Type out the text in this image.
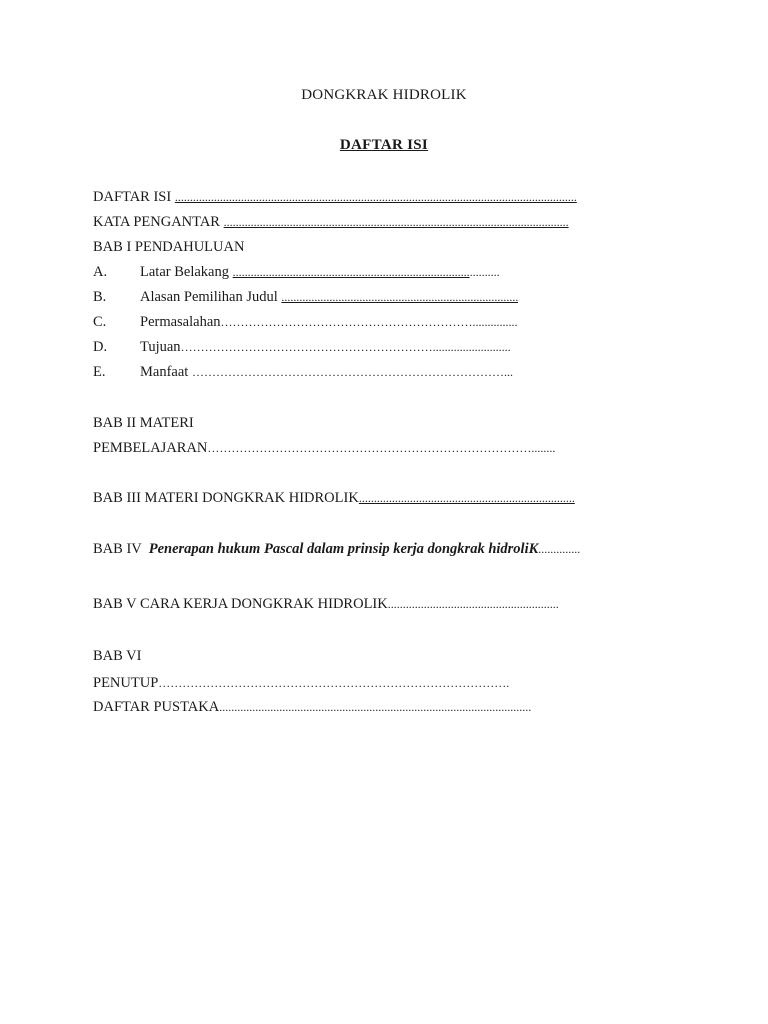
DONGKRAK HIDROLIK
DAFTAR ISI
DAFTAR ISI ......................................................................................................................................
KATA PENGANTAR ...................................................................................................................
BAB I PENDAHULUAN
A. Latar Belakang .........................................................................................
B. Alasan Pemilihan Judul ...............................................................................
C. Permasalahan………………………………………………………...............
D. Tujuan………………………………………………………..........................
E. Manfaat ……………………………………………………………………...
BAB II MATERI
PEMBELAJARAN………………………………………………………………………........
BAB III MATERI DONGKRAK HIDROLIK........................................................................
BAB IV  Penerapan hukum Pascal dalam prinsip kerja dongkrak hidroliK..............
BAB V CARA KERJA DONGKRAK HIDROLIK.........................................................
BAB VI
PENUTUP…………………………………………………………………………….
DAFTAR PUSTAKA........................................................................................................
